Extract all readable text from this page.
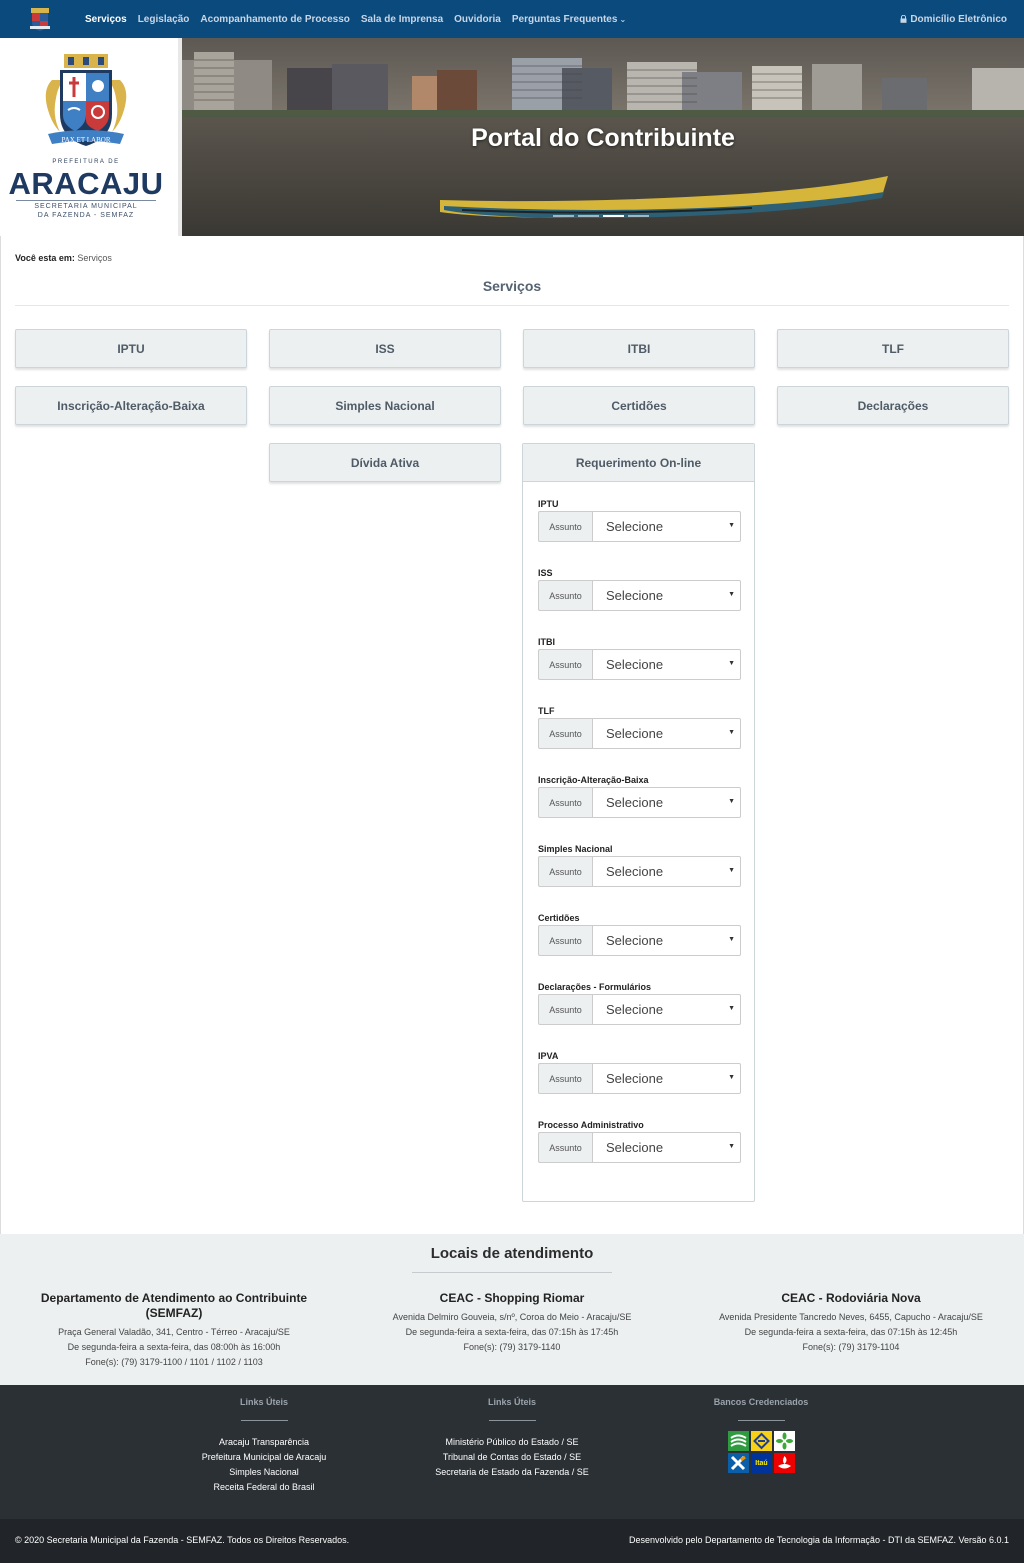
Serviços Legislação Acompanhamento de Processo Sala de Imprensa Ouvidoria Perguntas Frequentes ⌄	Domicílio Eletrônico
PAX ET LABOR
PREFEITURA DE
ARACAJU
SECRETARIA MUNICIPAL
DA FAZENDA - SEMFAZ
Portal do Contribuinte
Você esta em: Serviços
Serviços
IPTU	ISS	ITBI	TLF
Inscrição-Alteração-Baixa	Simples Nacional	Certidões	Declarações
Dívida Ativa	Requerimento On-line
IPTU
Assunto	Selecione	▼
ISS
Assunto	Selecione	▼
ITBI
Assunto	Selecione	▼
TLF
Assunto	Selecione	▼
Inscrição-Alteração-Baixa
Assunto	Selecione	▼
Simples Nacional
Assunto	Selecione	▼
Certidões
Assunto	Selecione	▼
Declarações - Formulários
Assunto	Selecione	▼
IPVA
Assunto	Selecione	▼
Processo Administrativo
Assunto	Selecione	▼
Locais de atendimento
Departamento de Atendimento ao Contribuinte (SEMFAZ)
Praça General Valadão, 341, Centro - Térreo - Aracaju/SE
De segunda-feira a sexta-feira, das 08:00h às 16:00h
Fone(s): (79) 3179-1100 / 1101 / 1102 / 1103
CEAC - Shopping Riomar
Avenida Delmiro Gouveia, s/nº, Coroa do Meio - Aracaju/SE
De segunda-feira a sexta-feira, das 07:15h às 17:45h
Fone(s): (79) 3179-1140
CEAC - Rodoviária Nova
Avenida Presidente Tancredo Neves, 6455, Capucho - Aracaju/SE
De segunda-feira a sexta-feira, das 07:15h às 12:45h
Fone(s): (79) 3179-1104
Links Úteis
Aracaju Transparência
Prefeitura Municipal de Aracaju
Simples Nacional
Receita Federal do Brasil
Links Úteis
Ministério Público do Estado / SE
Tribunal de Contas do Estado / SE
Secretaria de Estado da Fazenda / SE
Bancos Credenciados
Itaú
© 2020 Secretaria Municipal da Fazenda - SEMFAZ. Todos os Direitos Reservados.	Desenvolvido pelo Departamento de Tecnologia da Informação - DTI da SEMFAZ. Versão 6.0.1
